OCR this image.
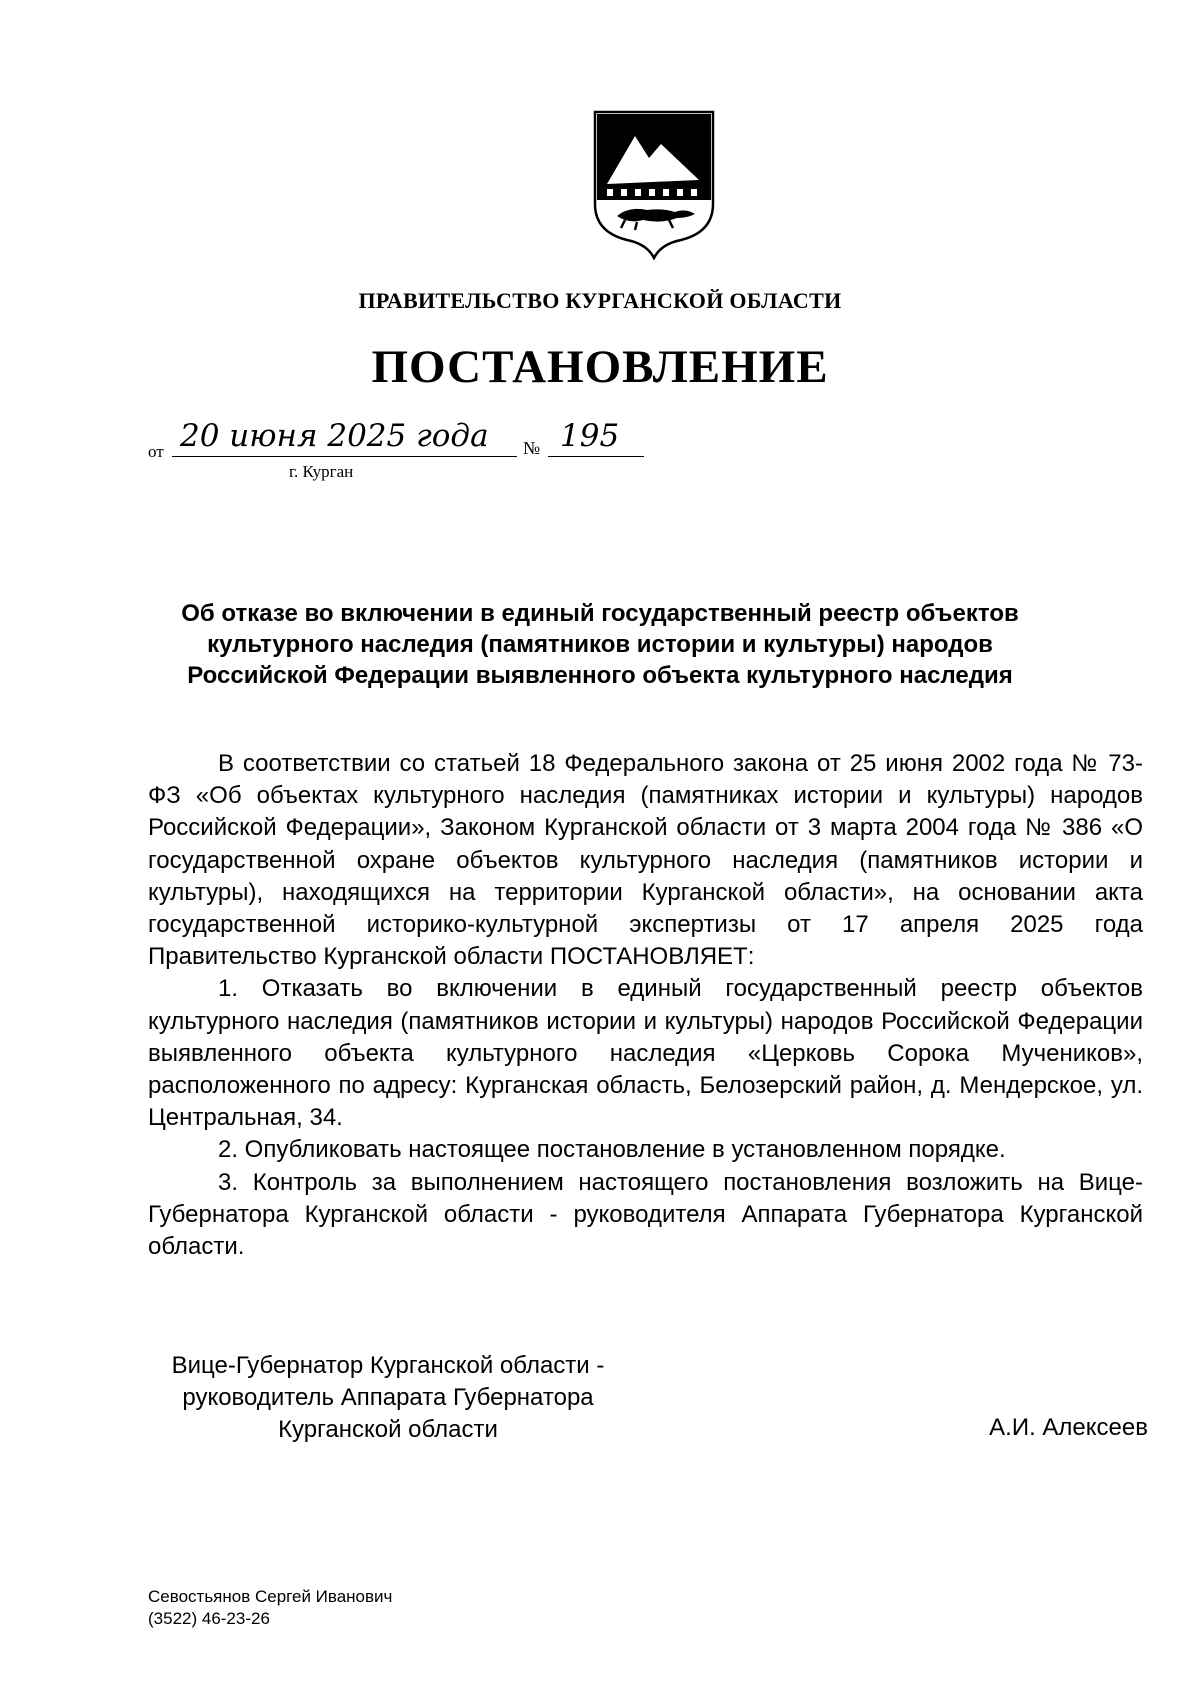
ПРАВИТЕЛЬСТВО КУРГАНСКОЙ ОБЛАСТИ
ПОСТАНОВЛЕНИЕ
от 20 июня 2025 года № 195
г. Курган
Об отказе во включении в единый государственный реестр объектов культурного наследия (памятников истории и культуры) народов Российской Федерации выявленного объекта культурного наследия

В соответствии со статьей 18 Федерального закона от 25 июня 2002 года № 73-ФЗ «Об объектах культурного наследия (памятниках истории и культуры) народов Российской Федерации», Законом Курганской области от 3 марта 2004 года № 386 «О государственной охране объектов культурного наследия (памятников истории и культуры), находящихся на территории Курганской области», на основании акта государственной историко-культурной экспертизы от 17 апреля 2025 года Правительство Курганской области ПОСТАНОВЛЯЕТ:

1. Отказать во включении в единый государственный реестр объектов культурного наследия (памятников истории и культуры) народов Российской Федерации выявленного объекта культурного наследия «Церковь Сорока Мучеников», расположенного по адресу: Курганская область, Белозерский район, д. Мендерское, ул. Центральная, 34.

2. Опубликовать настоящее постановление в установленном порядке.

3. Контроль за выполнением настоящего постановления возложить на Вице-Губернатора Курганской области - руководителя Аппарата Губернатора Курганской области.

Вице-Губернатор Курганской области -
руководитель Аппарата Губернатора
Курганской области	А.И. Алексеев
Севостьянов Сергей Иванович
(3522) 46-23-26
